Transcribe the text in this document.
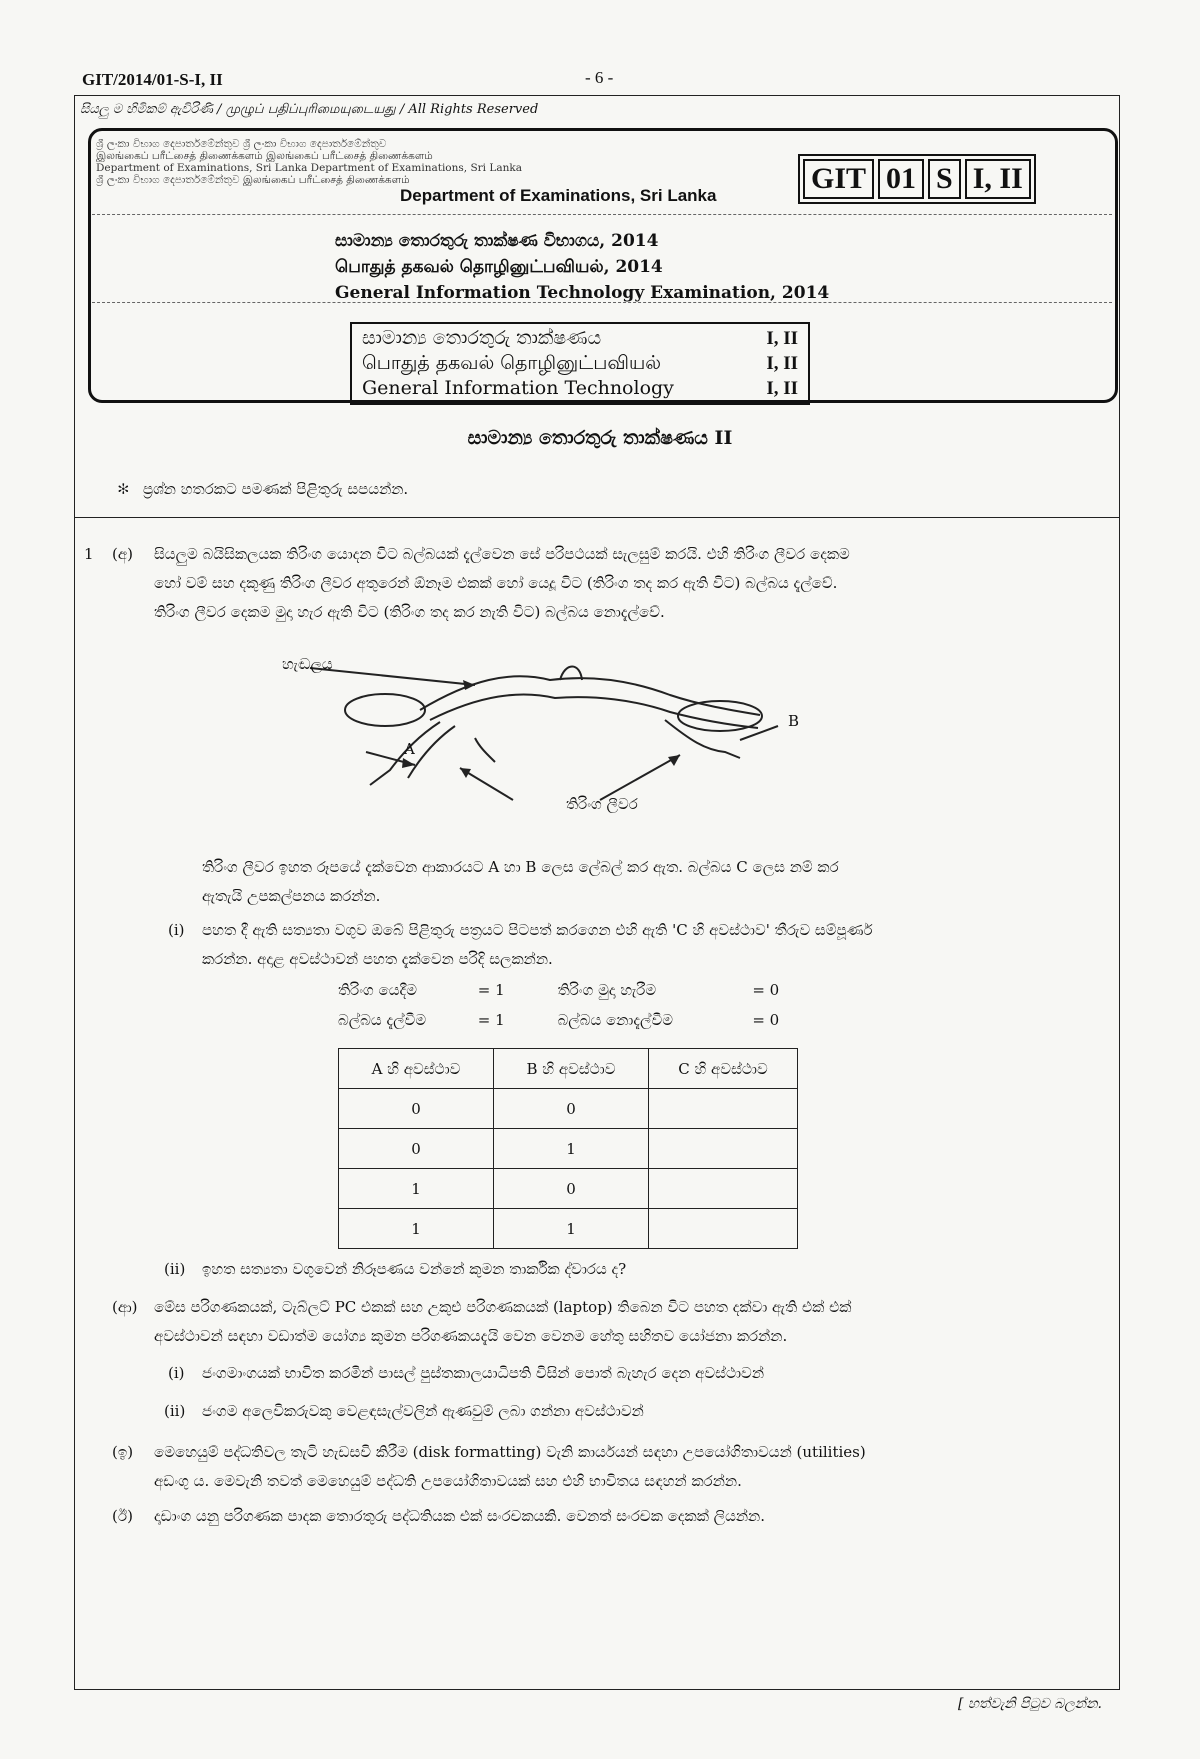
GIT/2014/01-S-I, II	- 6 -
සියලු ම හිමිකම් ඇවිරිණි / முழுப் பதிப்புரிமையுடையது / All Rights Reserved
ශ්‍රී ලංකා විභාග දෙපාර්තමේන්තුව ශ්‍රී ලංකා විභාග දෙපාර්තමේන්තුව
இலங்கைப் பரீட்சைத் திணைக்களம் இலங்கைப் பரீட்சைத் திணைக்களம்
Department of Examinations, Sri Lanka Department of Examinations, Sri Lanka
ශ්‍රී ලංකා විභාග දෙපාර්තමේන්තුව இலங்கைப் பரீட்சைத் திணைக்களம்
Department of Examinations, Sri Lanka
GIT 01 S I, II
සාමාන්‍ය තොරතුරු තාක්ෂණ විභාගය, 2014
பொதுத் தகவல் தொழினுட்பவியல், 2014
General Information Technology Examination, 2014
සාමාන්‍ය තොරතුරු තාක්ෂණය	I, II
பொதுத் தகவல் தொழினுட்பவியல்	I, II
General Information Technology	I, II
සාමාන්‍ය තොරතුරු තාක්ෂණය II
✻ ප්‍රශ්න හතරකට පමණක් පිළිතුරු සපයන්න.
1 (අ) සියලුම බයිසිකලයක තිරිංග යොදන විට බල්බයක් දැල්වෙන සේ පරිපථයක් සැලසුම් කරයි. එහි තිරිංග ලීවර දෙකම
හෝ වම් සහ දකුණු තිරිංග ලීවර අතුරෙන් ඕනෑම එකක් හෝ යෙදූ විට (තිරිංග තද කර ඇති විට) බල්බය දැල්වේ.
තිරිංග ලීවර දෙකම මුදා හැර ඇති විට (තිරිංග තද කර නැති විට) බල්බය නොදැල්වේ.
හැඬලය
A
B
තිරිංග ලීවර
තිරිංග ලීවර ඉහත රූපයේ දැක්වෙන ආකාරයට A හා B ලෙස ලේබල් කර ඇත. බල්බය C ලෙස නම් කර
ඇතැයි උපකල්පනය කරන්න.
(i) පහත දී ඇති සත්‍යතා වගුව ඔබේ පිළිතුරු පත්‍රයට පිටපත් කරගෙන එහි ඇති 'C හි අවස්ථාව' තීරුව සම්පූර්ණ
කරන්න. අදාළ අවස්ථාවන් පහත දැක්වෙන පරිදි සලකන්න.
තිරිංග යෙදීම	= 1	තිරිංග මුදා හැරීම	= 0
බල්බය දැල්වීම	= 1	බල්බය නොදැල්වීම	= 0
A හි අවස්ථාව	B හි අවස්ථාව	C හි අවස්ථාව
0	0	
0	1	
1	0	
1	1	
(ii) ඉහත සත්‍යතා වගුවෙන් නිරූපණය වන්නේ කුමන තාර්කික ද්වාරය ද?
(ආ) මේස පරිගණකයක්, ටැබ්ලට් PC එකක් සහ උකුළු පරිගණකයක් (laptop) තිබෙන විට පහත දක්වා ඇති එක් එක්
අවස්ථාවන් සඳහා වඩාත්ම යෝග්‍ය කුමන පරිගණකයදැයි වෙන වෙනම හේතු සහිතව යෝජනා කරන්න.
(i) ජංගමාංගයක් භාවිත කරමින් පාසල් පුස්තකාලයාධිපති විසින් පොත් බැහැර දෙන අවස්ථාවන්
(ii) ජංගම අලෙවිකරුවකු වෙළඳසැල්වලින් ඇණවුම් ලබා ගන්නා අවස්ථාවන්
(ඉ) මෙහෙයුම් පද්ධතිවල තැටි හැඩසවි කිරීම (disk formatting) වැනි කාර්යයන් සඳහා උපයෝගිතාවයන් (utilities)
අඩංගු ය. මෙවැනි තවත් මෙහෙයුම් පද්ධති උපයෝගිතාවයක් සහ එහි භාවිතය සඳහන් කරන්න.
(ඊ) දෘඩාංග යනු පරිගණක පාදක තොරතුරු පද්ධතියක එක් සංරචකයකි. වෙනත් සංරචක දෙකක් ලියන්න.
[ හත්වැනි පිටුව බලන්න.
